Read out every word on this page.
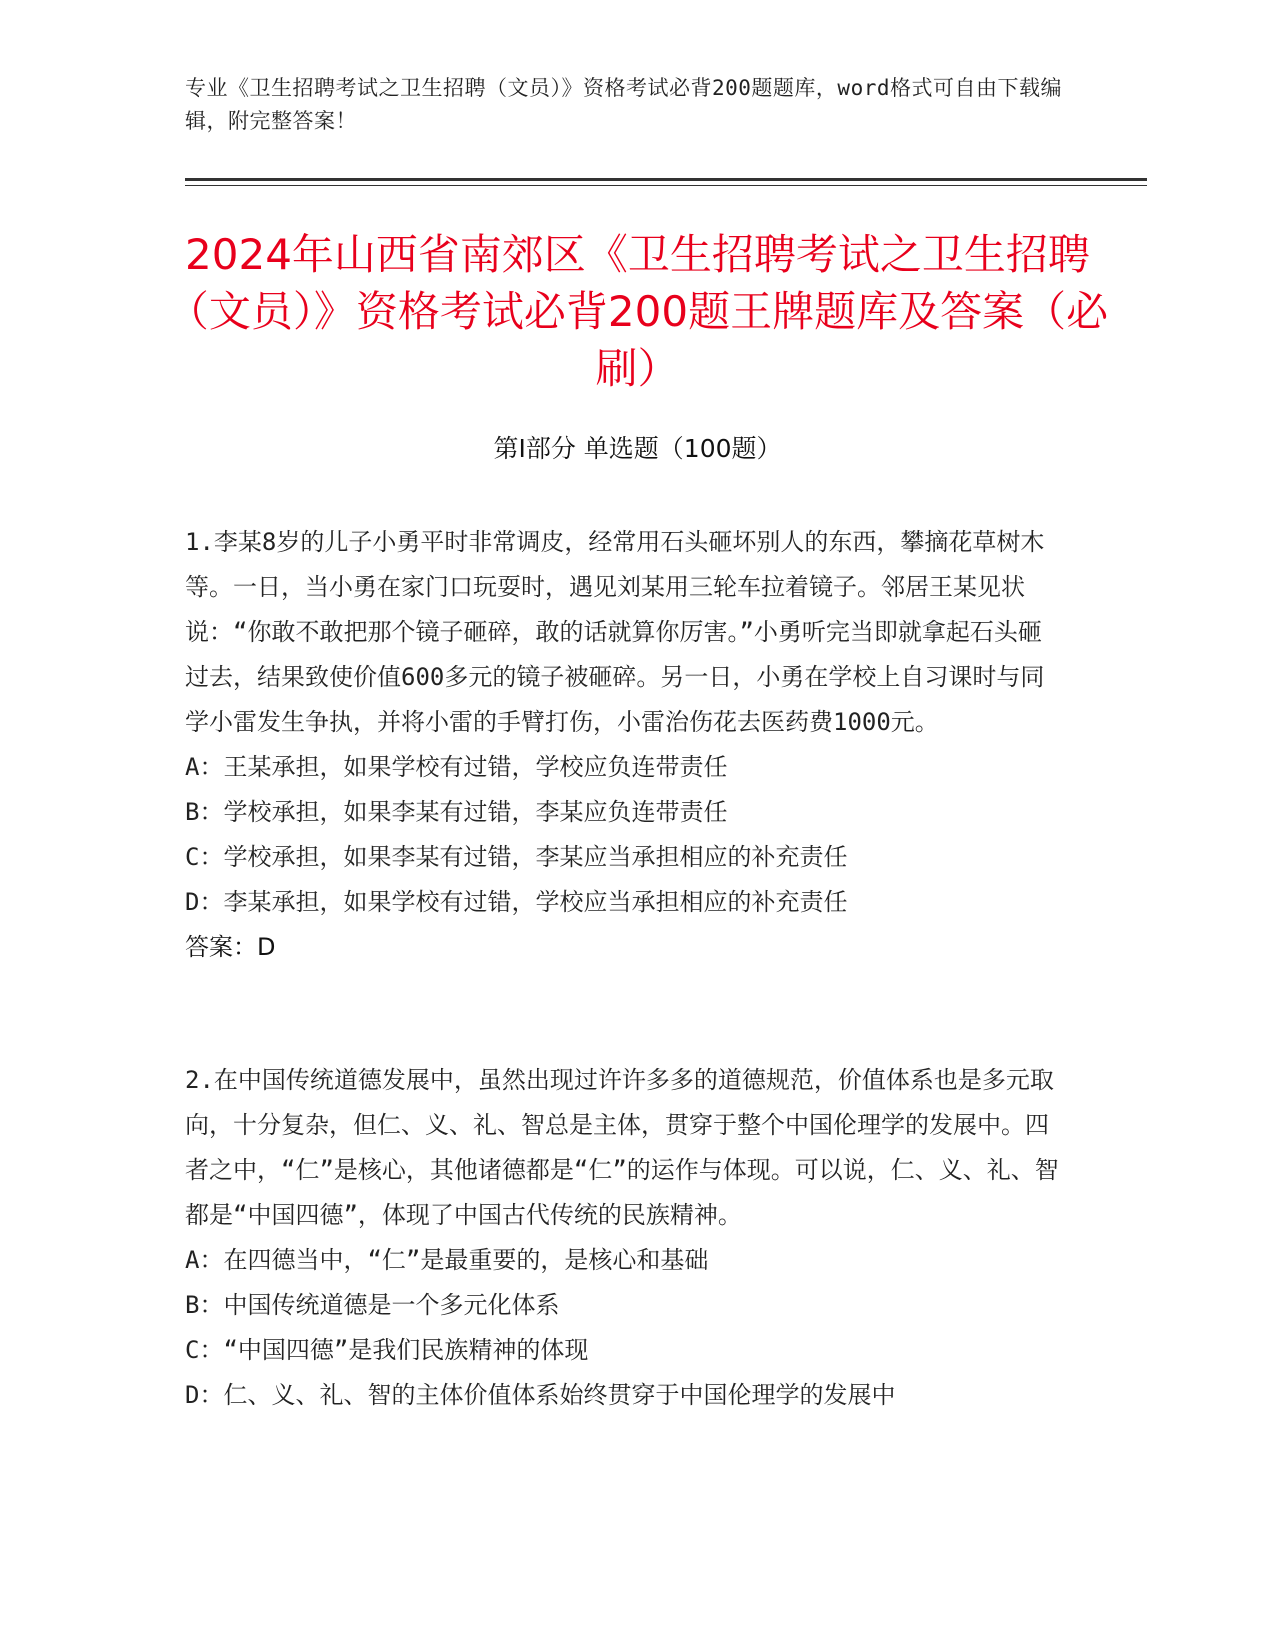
专业《卫生招聘考试之卫生招聘（文员）》资格考试必背200题题库，word格式可自由下载编辑，附完整答案！
2024年山西省南郊区《卫生招聘考试之卫生招聘（文员）》资格考试必背200题王牌题库及答案（必刷）
第Ⅰ部分 单选题（100题）

1.李某8岁的儿子小勇平时非常调皮，经常用石头砸坏别人的东西，攀摘花草树木等。一日，当小勇在家门口玩耍时，遇见刘某用三轮车拉着镜子。邻居王某见状说：“你敢不敢把那个镜子砸碎，敢的话就算你厉害。”小勇听完当即就拿起石头砸过去，结果致使价值600多元的镜子被砸碎。另一日，小勇在学校上自习课时与同学小雷发生争执，并将小雷的手臂打伤，小雷治伤花去医药费1000元。

A：王某承担，如果学校有过错，学校应负连带责任

B：学校承担，如果李某有过错，李某应负连带责任

C：学校承担，如果李某有过错，李某应当承担相应的补充责任

D：李某承担，如果学校有过错，学校应当承担相应的补充责任

答案：D

2.在中国传统道德发展中，虽然出现过许许多多的道德规范，价值体系也是多元取向，十分复杂，但仁、义、礼、智总是主体，贯穿于整个中国伦理学的发展中。四者之中，“仁”是核心，其他诸德都是“仁”的运作与体现。可以说，仁、义、礼、智都是“中国四德”，体现了中国古代传统的民族精神。

A：在四德当中，“仁”是最重要的，是核心和基础

B：中国传统道德是一个多元化体系

C：“中国四德”是我们民族精神的体现

D：仁、义、礼、智的主体价值体系始终贯穿于中国伦理学的发展中
